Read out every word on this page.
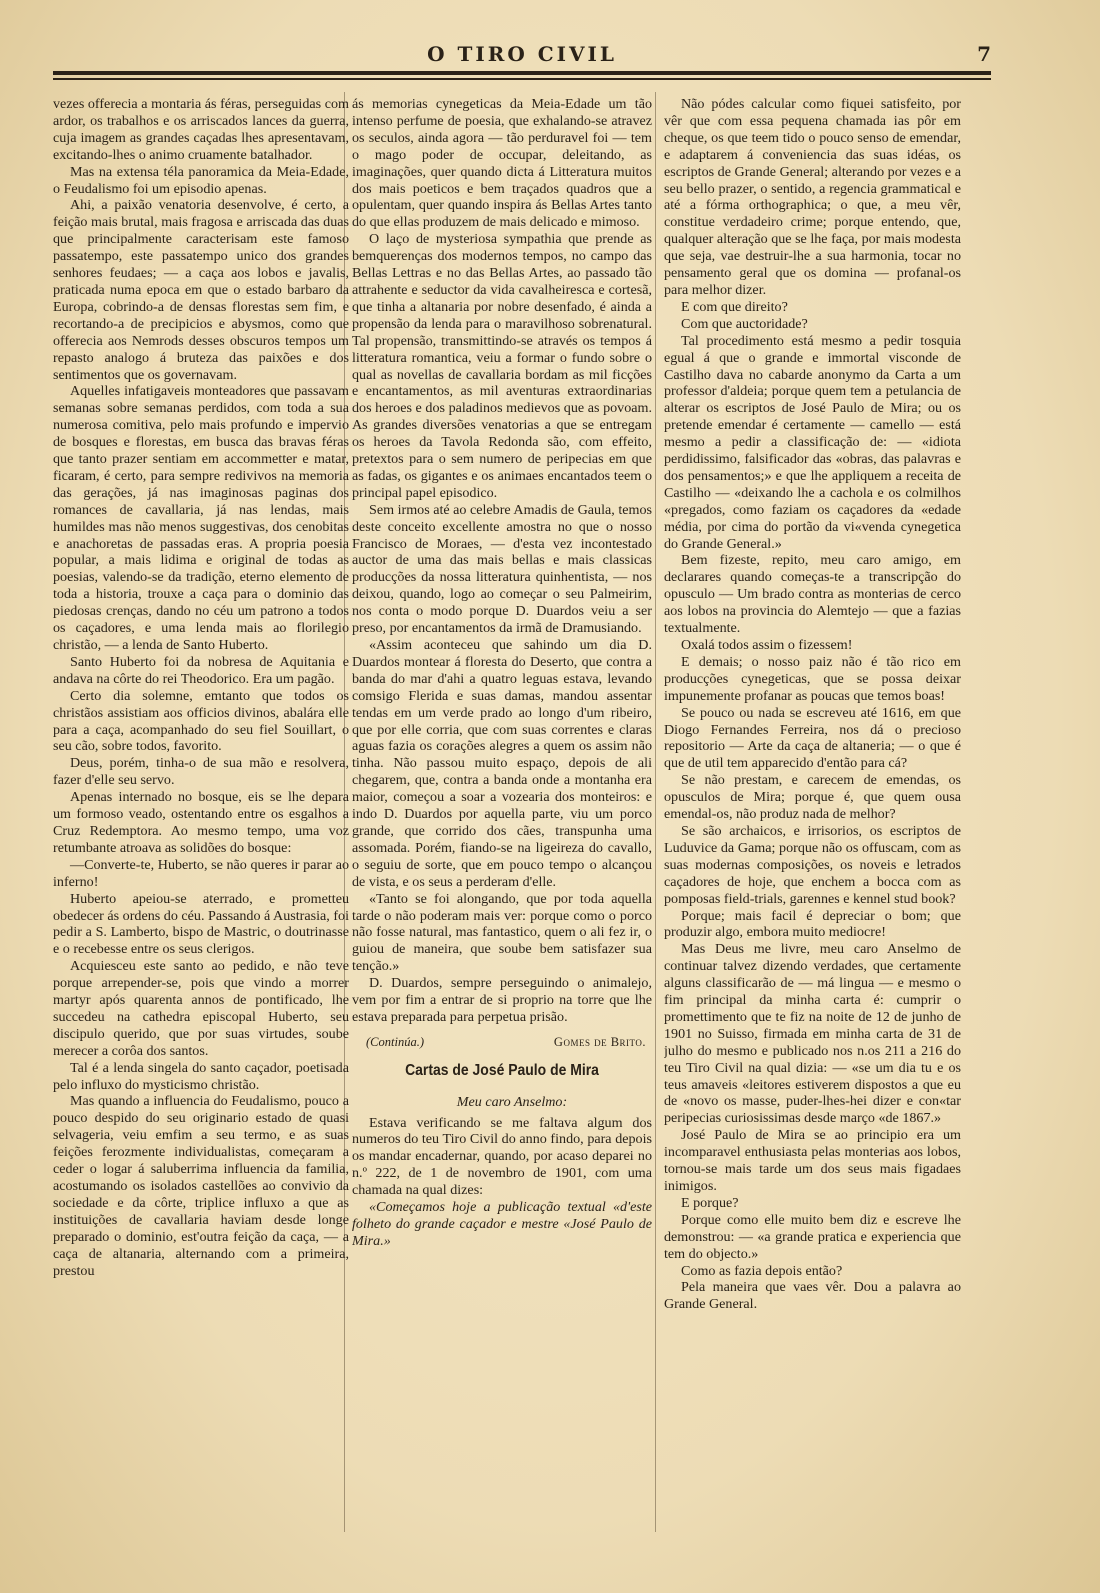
O TIRO CIVIL	7

vezes offerecia a montaria ás féras, perseguidas com ardor, os trabalhos e os arriscados lances da guerra, cuja imagem as grandes caçadas lhes apresentavam, excitando-lhes o animo cruamente batalhador.

Mas na extensa téla panoramica da Meia-Edade, o Feudalismo foi um episodio apenas.

Ahi, a paixão venatoria desenvolve, é certo, a feição mais brutal, mais fragosa e arriscada das duas que principalmente caracterisam este famoso passatempo, este passatempo unico dos grandes senhores feudaes; — a caça aos lobos e javalis, praticada numa epoca em que o estado barbaro da Europa, cobrindo-a de densas florestas sem fim, e recortando-a de precipicios e abysmos, como que offerecia aos Nemrods desses obscuros tempos um repasto analogo á bruteza das paixões e dos sentimentos que os governavam.

Aquelles infatigaveis monteadores que passavam semanas sobre semanas perdidos, com toda a sua numerosa comitiva, pelo mais profundo e impervio de bosques e florestas, em busca das bravas féras que tanto prazer sentiam em accommetter e matar, ficaram, é certo, para sempre redivivos na memoria das gerações, já nas imaginosas paginas dos romances de cavallaria, já nas lendas, mais humildes mas não menos suggestivas, dos cenobitas e anachoretas de passadas eras. A propria poesia popular, a mais lidima e original de todas as poesias, valendo-se da tradição, eterno elemento de toda a historia, trouxe a caça para o dominio das piedosas crenças, dando no céu um patrono a todos os caçadores, e uma lenda mais ao florilegio christão, — a lenda de Santo Huberto.

Santo Huberto foi da nobresa de Aquitania e andava na côrte do rei Theodorico. Era um pagão.

Certo dia solemne, emtanto que todos os christãos assistiam aos officios divinos, abalára elle para a caça, acompanhado do seu fiel Souillart, o seu cão, sobre todos, favorito.

Deus, porém, tinha-o de sua mão e resolvera, fazer d'elle seu servo.

Apenas internado no bosque, eis se lhe depara um formoso veado, ostentando entre os esgalhos a Cruz Redemptora. Ao mesmo tempo, uma voz retumbante atroava as solidões do bosque:

—Converte-te, Huberto, se não queres ir parar ao inferno!

Huberto apeiou-se aterrado, e prometteu obedecer ás ordens do céu. Passando á Austrasia, foi pedir a S. Lamberto, bispo de Mastric, o doutrinasse e o recebesse entre os seus clerigos.

Acquiesceu este santo ao pedido, e não teve porque arrepender-se, pois que vindo a morrer martyr após quarenta annos de pontificado, lhe succedeu na cathedra episcopal Huberto, seu discipulo querido, que por suas virtudes, soube merecer a corôa dos santos.

Tal é a lenda singela do santo caçador, poetisada pelo influxo do mysticismo christão.

Mas quando a influencia do Feudalismo, pouco a pouco despido do seu originario estado de quasi selvageria, veiu emfim a seu termo, e as suas feições ferozmente individualistas, começaram a ceder o logar á saluberrima influencia da familia, acostumando os isolados castellões ao convivio da sociedade e da côrte, triplice influxo a que as instituições de cavallaria haviam desde longe preparado o dominio, est'outra feição da caça, — a caça de altanaria, alternando com a primeira, prestou

ás memorias cynegeticas da Meia-Edade um tão intenso perfume de poesia, que exhalando-se atravez os seculos, ainda agora — tão perduravel foi — tem o mago poder de occupar, deleitando, as imaginações, quer quando dicta á Litteratura muitos dos mais poeticos e bem traçados quadros que a opulentam, quer quando inspira ás Bellas Artes tanto do que ellas produzem de mais delicado e mimoso.

O laço de mysteriosa sympathia que prende as bemquerenças dos modernos tempos, no campo das Bellas Lettras e no das Bellas Artes, ao passado tão attrahente e seductor da vida cavalheiresca e cortesã, que tinha a altanaria por nobre desenfado, é ainda a propensão da lenda para o maravilhoso sobrenatural. Tal propensão, transmittindo-se através os tempos á litteratura romantica, veiu a formar o fundo sobre o qual as novellas de cavallaria bordam as mil ficções e encantamentos, as mil aventuras extraordinarias dos heroes e dos paladinos medievos que as povoam. As grandes diversões venatorias a que se entregam os heroes da Tavola Redonda são, com effeito, pretextos para o sem numero de peripecias em que as fadas, os gigantes e os animaes encantados teem o principal papel episodico.

Sem irmos até ao celebre Amadis de Gaula, temos deste conceito excellente amostra no que o nosso Francisco de Moraes, — d'esta vez incontestado auctor de uma das mais bellas e mais classicas producções da nossa litteratura quinhentista, — nos deixou, quando, logo ao começar o seu Palmeirim, nos conta o modo porque D. Duardos veiu a ser preso, por encantamentos da irmã de Dramusiando.

«Assim aconteceu que sahindo um dia D. Duardos montear á floresta do Deserto, que contra a banda do mar d'ahi a quatro leguas estava, levando comsigo Flerida e suas damas, mandou assentar tendas em um verde prado ao longo d'um ribeiro, que por elle corria, que com suas correntes e claras aguas fazia os corações alegres a quem os assim não tinha. Não passou muito espaço, depois de ali chegarem, que, contra a banda onde a montanha era maior, começou a soar a vozearia dos monteiros: e indo D. Duardos por aquella parte, viu um porco grande, que corrido dos cães, transpunha uma assomada. Porém, fiando-se na ligeireza do cavallo, o seguiu de sorte, que em pouco tempo o alcançou de vista, e os seus a perderam d'elle.

«Tanto se foi alongando, que por toda aquella tarde o não poderam mais ver: porque como o porco não fosse natural, mas fantastico, quem o ali fez ir, o guiou de maneira, que soube bem satisfazer sua tenção.»

D. Duardos, sempre perseguindo o animalejo, vem por fim a entrar de si proprio na torre que lhe estava preparada para perpetua prisão.

(Continúa.)	Gomes de Brito.
Cartas de José Paulo de Mira
Meu caro Anselmo:

Estava verificando se me faltava algum dos numeros do teu Tiro Civil do anno findo, para depois os mandar encadernar, quando, por acaso deparei no n.º 222, de 1 de novembro de 1901, com uma chamada na qual dizes:

«Começamos hoje a publicação textual «d'este folheto do grande caçador e mestre «José Paulo de Mira.»

Não pódes calcular como fiquei satisfeito, por vêr que com essa pequena chamada ias pôr em cheque, os que teem tido o pouco senso de emendar, e adaptarem á conveniencia das suas idéas, os escriptos de Grande General; alterando por vezes e a seu bello prazer, o sentido, a regencia grammatical e até a fórma orthographica; o que, a meu vêr, constitue verdadeiro crime; porque entendo, que, qualquer alteração que se lhe faça, por mais modesta que seja, vae destruir-lhe a sua harmonia, tocar no pensamento geral que os domina — profanal-os para melhor dizer.

E com que direito?

Com que auctoridade?

Tal procedimento está mesmo a pedir tosquia egual á que o grande e immortal visconde de Castilho dava no cabarde anonymo da Carta a um professor d'aldeia; porque quem tem a petulancia de alterar os escriptos de José Paulo de Mira; ou os pretende emendar é certamente — camello — está mesmo a pedir a classificação de: — «idiota perdidissimo, falsificador das «obras, das palavras e dos pensamentos;» e que lhe appliquem a receita de Castilho — «deixando lhe a cachola e os colmilhos «pregados, como faziam os caçadores da «edade média, por cima do portão da vi«venda cynegetica do Grande General.»

Bem fizeste, repito, meu caro amigo, em declarares quando começas-te a transcripção do opusculo — Um brado contra as monterias de cerco aos lobos na provincia do Alemtejo — que a fazias textualmente.

Oxalá todos assim o fizessem!

E demais; o nosso paiz não é tão rico em producções cynegeticas, que se possa deixar impunemente profanar as poucas que temos boas!

Se pouco ou nada se escreveu até 1616, em que Diogo Fernandes Ferreira, nos dá o precioso repositorio — Arte da caça de altaneria; — o que é que de util tem apparecido d'então para cá?

Se não prestam, e carecem de emendas, os opusculos de Mira; porque é, que quem ousa emendal-os, não produz nada de melhor?

Se são archaicos, e irrisorios, os escriptos de Luduvice da Gama; porque não os offuscam, com as suas modernas composições, os noveis e letrados caçadores de hoje, que enchem a bocca com as pomposas field-trials, garennes e kennel stud book?

Porque; mais facil é depreciar o bom; que produzir algo, embora muito mediocre!

Mas Deus me livre, meu caro Anselmo de continuar talvez dizendo verdades, que certamente alguns classificarão de — má lingua — e mesmo o fim principal da minha carta é: cumprir o promettimento que te fiz na noite de 12 de junho de 1901 no Suisso, firmada em minha carta de 31 de julho do mesmo e publicado nos n.os 211 a 216 do teu Tiro Civil na qual dizia: — «se um dia tu e os teus amaveis «leitores estiverem dispostos a que eu de «novo os masse, puder-lhes-hei dizer e con«tar peripecias curiosissimas desde março «de 1867.»

José Paulo de Mira se ao principio era um incomparavel enthusiasta pelas monterias aos lobos, tornou-se mais tarde um dos seus mais figadaes inimigos.

E porque?

Porque como elle muito bem diz e escreve lhe demonstrou: — «a grande pratica e experiencia que tem do objecto.»

Como as fazia depois então?

Pela maneira que vaes vêr. Dou a palavra ao Grande General.
